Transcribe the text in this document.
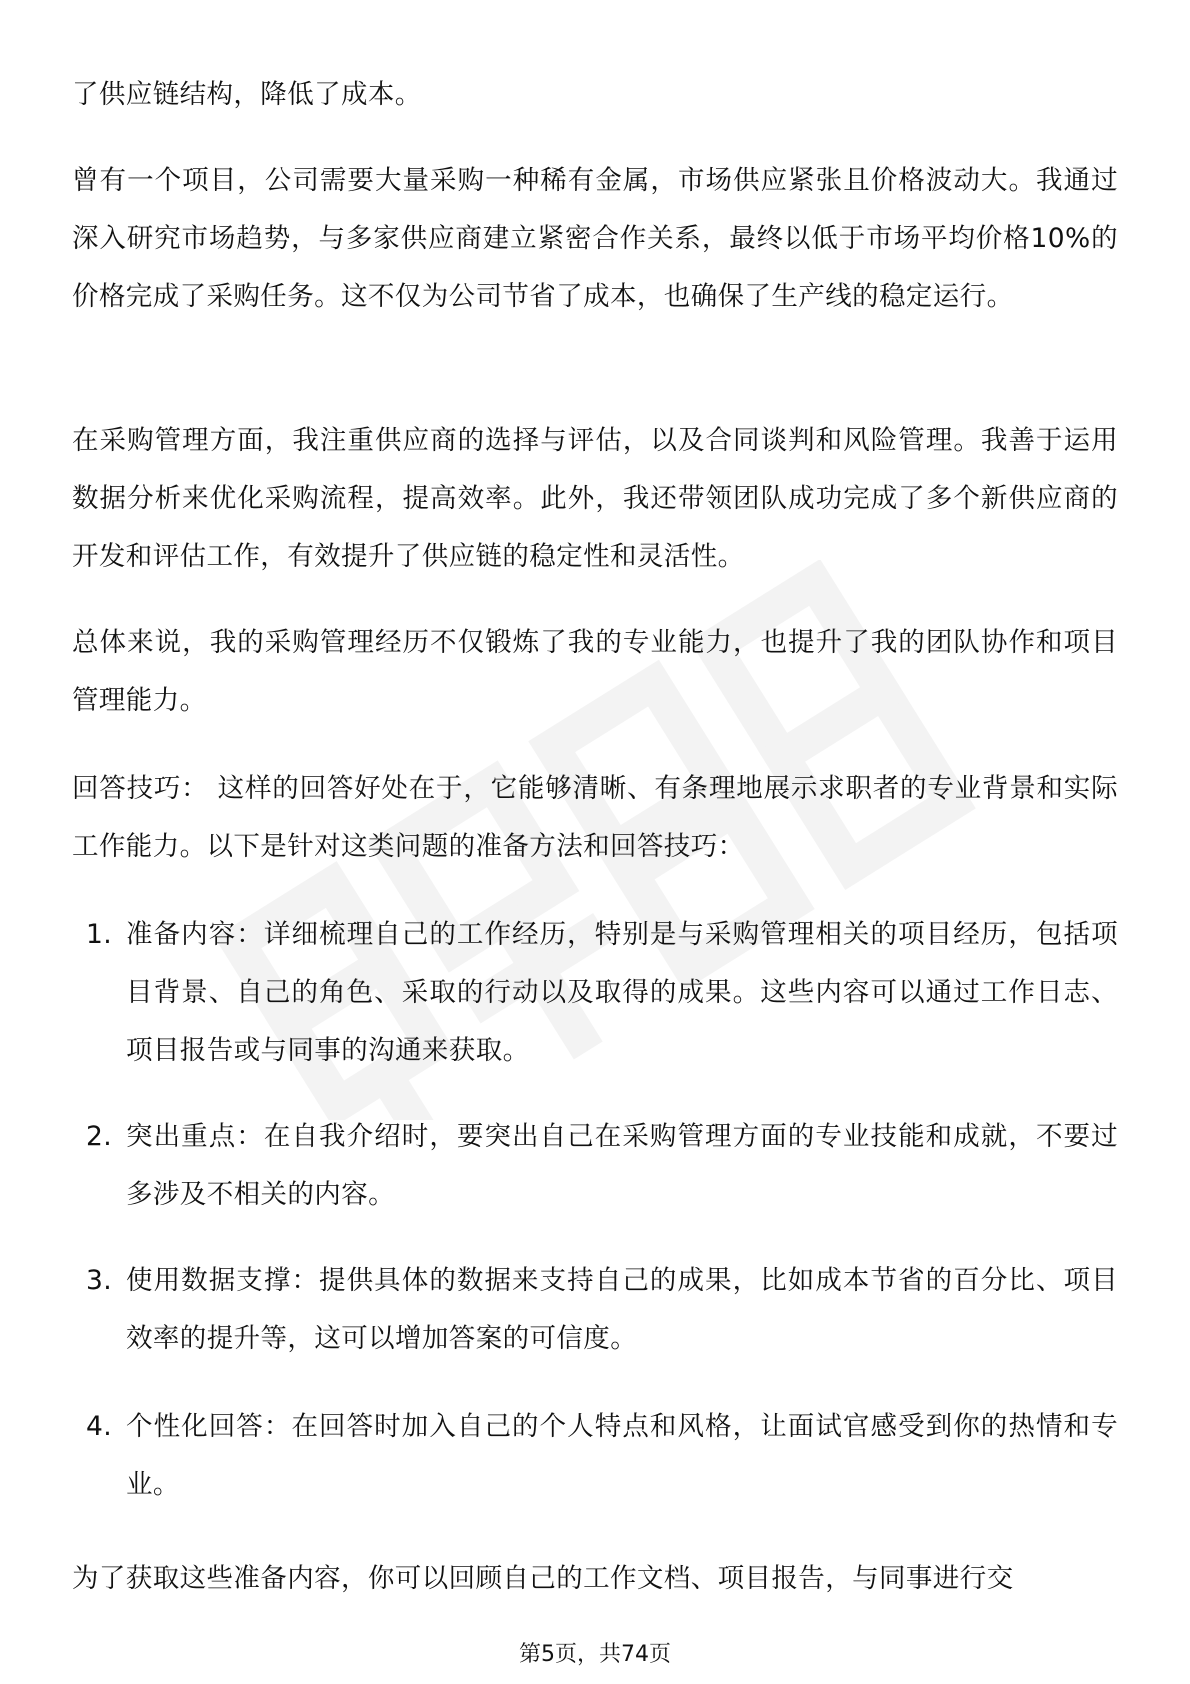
了供应链结构，降低了成本。

曾有一个项目，公司需要大量采购一种稀有金属，市场供应紧张且价格波动大。我通过深入研究市场趋势，与多家供应商建立紧密合作关系，最终以低于市场平均价格10%的价格完成了采购任务。这不仅为公司节省了成本，也确保了生产线的稳定运行。

在采购管理方面，我注重供应商的选择与评估，以及合同谈判和风险管理。我善于运用数据分析来优化采购流程，提高效率。此外，我还带领团队成功完成了多个新供应商的开发和评估工作，有效提升了供应链的稳定性和灵活性。

总体来说，我的采购管理经历不仅锻炼了我的专业能力，也提升了我的团队协作和项目管理能力。

回答技巧： 这样的回答好处在于，它能够清晰、有条理地展示求职者的专业背景和实际工作能力。以下是针对这类问题的准备方法和回答技巧：

1. 准备内容：详细梳理自己的工作经历，特别是与采购管理相关的项目经历，包括项目背景、自己的角色、采取的行动以及取得的成果。这些内容可以通过工作日志、项目报告或与同事的沟通来获取。
2. 突出重点：在自我介绍时，要突出自己在采购管理方面的专业技能和成就，不要过多涉及不相关的内容。
3. 使用数据支撑：提供具体的数据来支持自己的成果，比如成本节省的百分比、项目效率的提升等，这可以增加答案的可信度。
4. 个性化回答：在回答时加入自己的个人特点和风格，让面试官感受到你的热情和专业。

为了获取这些准备内容，你可以回顾自己的工作文档、项目报告，与同事进行交

第5页，共74页
